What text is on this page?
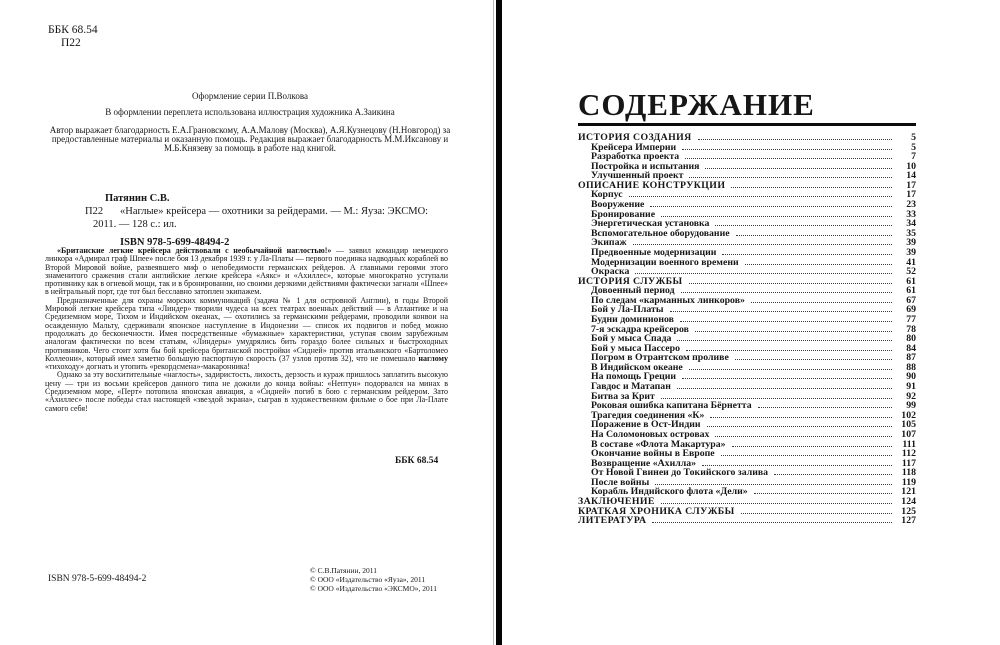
ББК 68.54
П22
Оформление серии П.Волкова
В оформлении переплета использована иллюстрация художника А.Заикина
Автор выражает благодарность Е.А.Грановскому, А.А.Малову (Москва), А.Я.Кузнецову (Н.Новгород) за предоставленные материалы и оказанную помощь. Редакция выражает благодарность М.М.Иксанову и М.Б.Князеву за помощь в работе над книгой.
Патянин С.В.
П22	«Наглые» крейсера — охотники за рейдерами. — М.: Яуза: ЭКСМО: 2011. — 128 с.: ил.

ISBN 978-5-699-48494-2

«Британские легкие крейсера действовали с необычайной наглостью!» — заявил командир немецкого линкора «Адмирал граф Шпее» после боя 13 декабря 1939 г. у Ла-Платы — первого поединка надводных кораблей во Второй Мировой войне, развеявшего миф о непобедимости германских рейдеров. А главными героями этого знаменитого сражения стали английские легкие крейсера «Аякс» и «Ахиллес», которые многократно уступали противнику как в огневой мощи, так и в бронировании, но своими дерзкими действиями фактически загнали «Шпее» в нейтральный порт, где тот был бесславно затоплен экипажем.

Предназначенные для охраны морских коммуникаций (задача № 1 для островной Англии), в годы Второй Мировой легкие крейсера типа «Линдер» творили чудеса на всех театрах военных действий — в Атлантике и на Средиземном море, Тихом и Индийском океанах, — охотились за германскими рейдерами, проводили конвои на осажденную Мальту, сдерживали японское наступление в Индонезии — список их подвигов и побед можно продолжать до бесконечности. Имея посредственные «бумажные» характеристики, уступая своим зарубежным аналогам фактически по всем статьям, «Линдеры» умудрялись бить гораздо более сильных и быстроходных противников. Чего стоит хотя бы бой крейсера британской постройки «Сидней» против итальянского «Бартоломео Коллеони», который имел заметно большую паспортную скорость (37 узлов против 32), что не помешало наглому «тихоходу» догнать и утопить «рекордсмена»-макаронника!

Однако за эту восхитительные «наглость», задиристость, лихость, дерзость и кураж пришлось заплатить высокую цену — три из восьми крейсеров данного типа не дожили до конца войны: «Нептун» подорвался на минах в Средиземном море, «Перт» потопила японская авиация, а «Сидней» погиб в бою с германским рейдером. Зато «Ахиллес» после победы стал настоящей «звездой экрана», сыграв в художественном фильме о бое при Ла-Плате самого себя!

ББК 68.54
ISBN 978-5-699-48494-2
© С.В.Патянин, 2011
© ООО «Издательство «Яуза», 2011
© ООО «Издательство «ЭКСМО», 2011
СОДЕРЖАНИЕ
ИСТОРИЯ СОЗДАНИЯ	5
Крейсера Империи	5
Разработка проекта	7
Постройка и испытания	10
Улучшенный проект	14
ОПИСАНИЕ КОНСТРУКЦИИ	17
Корпус	17
Вооружение	23
Бронирование	33
Энергетическая установка	34
Вспомогательное оборудование	35
Экипаж	39
Предвоенные модернизации	39
Модернизации военного времени	41
Окраска	52
ИСТОРИЯ СЛУЖБЫ	61
Довоенный период	61
По следам «карманных линкоров»	67
Бой у Ла-Платы	69
Будни доминионов	77
7-я эскадра крейсеров	78
Бой у мыса Спада	80
Бой у мыса Пассеро	84
Погром в Отрантском проливе	87
В Индийском океане	88
На помощь Греции	90
Гавдос и Матапан	91
Битва за Крит	92
Роковая ошибка капитана Бёрнетта	99
Трагедия соединения «К»	102
Поражение в Ост-Индии	105
На Соломоновых островах	107
В составе «Флота Макартура»	111
Окончание войны в Европе	112
Возвращение «Ахилла»	117
От Новой Гвинеи до Токийского залива	118
После войны	119
Корабль Индийского флота «Дели»	121
ЗАКЛЮЧЕНИЕ	124
КРАТКАЯ ХРОНИКА СЛУЖБЫ	125
ЛИТЕРАТУРА	127
